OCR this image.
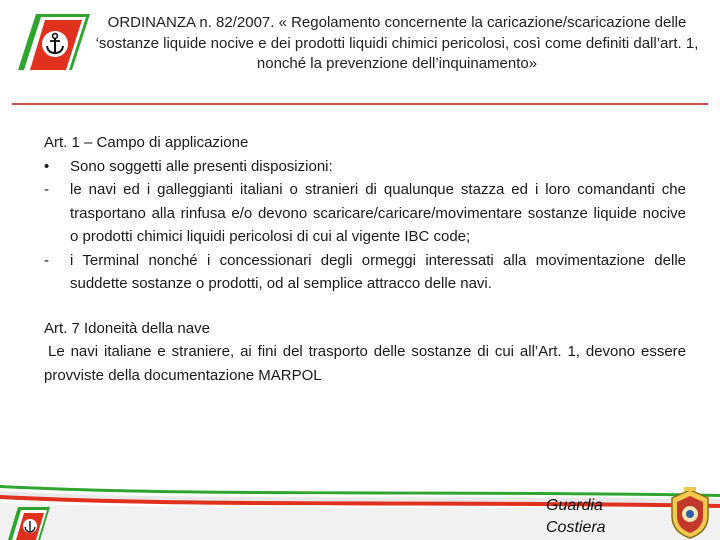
ORDINANZA n. 82/2007. « Regolamento concernente la caricazione/scaricazione delle ‘sostanze liquide nocive e dei prodotti liquidi chimici pericolosi, così come definiti dall’art. 1, nonché la prevenzione dell’inquinamento»
Art. 1 – Campo di applicazione
•	Sono soggetti alle presenti disposizioni:
-	le navi ed i galleggianti italiani o stranieri di qualunque stazza ed i loro comandanti che trasportano alla rinfusa e/o devono scaricare/caricare/movimentare sostanze liquide nocive o prodotti chimici liquidi pericolosi di cui al vigente IBC code;
-	i Terminal nonché i concessionari degli ormeggi interessati alla movimentazione delle suddette sostanze o prodotti, od al semplice attracco delle navi.
Art. 7 Idoneità della nave

Le navi italiane e straniere, ai fini del trasporto delle sostanze di cui all’Art. 1, devono essere provviste della documentazione MARPOL

Guardia
Costiera
